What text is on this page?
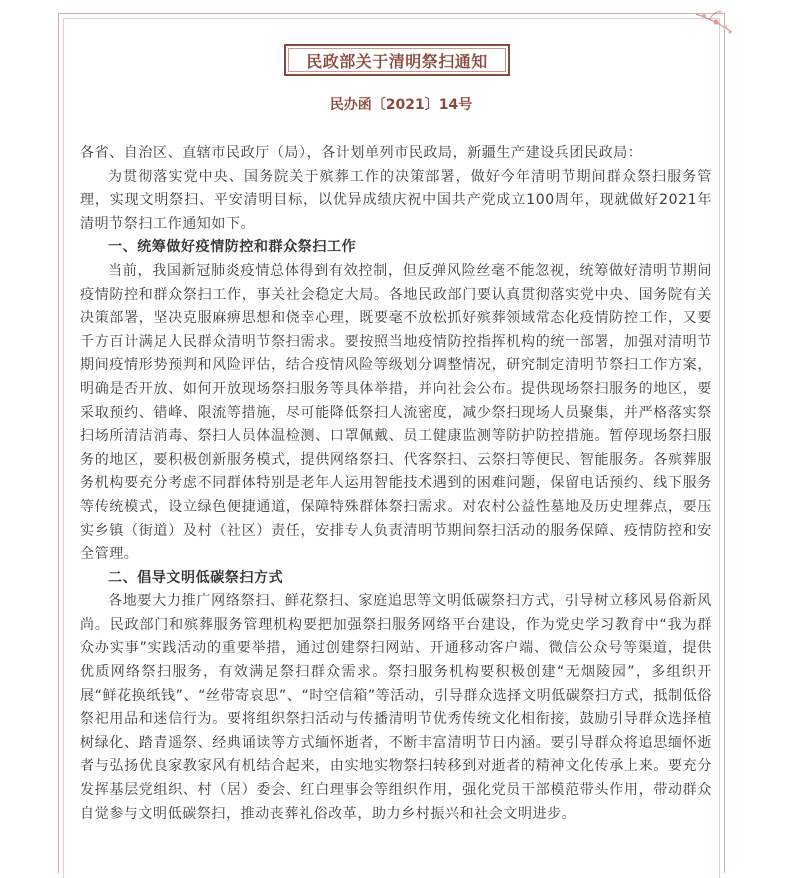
民政部关于清明祭扫通知
民办函〔2021〕14号

各省、自治区、直辖市民政厅（局），各计划单列市民政局，新疆生产建设兵团民政局：

为贯彻落实党中央、国务院关于殡葬工作的决策部署，做好今年清明节期间群众祭扫服务管理，实现文明祭扫、平安清明目标，以优异成绩庆祝中国共产党成立100周年，现就做好2021年清明节祭扫工作通知如下。

一、统筹做好疫情防控和群众祭扫工作

当前，我国新冠肺炎疫情总体得到有效控制，但反弹风险丝毫不能忽视，统筹做好清明节期间疫情防控和群众祭扫工作，事关社会稳定大局。各地民政部门要认真贯彻落实党中央、国务院有关决策部署，坚决克服麻痹思想和侥幸心理，既要毫不放松抓好殡葬领域常态化疫情防控工作，又要千方百计满足人民群众清明节祭扫需求。要按照当地疫情防控指挥机构的统一部署，加强对清明节期间疫情形势预判和风险评估，结合疫情风险等级划分调整情况，研究制定清明节祭扫工作方案，明确是否开放、如何开放现场祭扫服务等具体举措，并向社会公布。提供现场祭扫服务的地区，要采取预约、错峰、限流等措施，尽可能降低祭扫人流密度，减少祭扫现场人员聚集，并严格落实祭扫场所清洁消毒、祭扫人员体温检测、口罩佩戴、员工健康监测等防护防控措施。暂停现场祭扫服务的地区，要积极创新服务模式，提供网络祭扫、代客祭扫、云祭扫等便民、智能服务。各殡葬服务机构要充分考虑不同群体特别是老年人运用智能技术遇到的困难问题，保留电话预约、线下服务等传统模式，设立绿色便捷通道，保障特殊群体祭扫需求。对农村公益性墓地及历史埋葬点，要压实乡镇（街道）及村（社区）责任，安排专人负责清明节期间祭扫活动的服务保障、疫情防控和安全管理。

二、倡导文明低碳祭扫方式

各地要大力推广网络祭扫、鲜花祭扫、家庭追思等文明低碳祭扫方式，引导树立移风易俗新风尚。民政部门和殡葬服务管理机构要把加强祭扫服务网络平台建设，作为党史学习教育中“我为群众办实事”实践活动的重要举措，通过创建祭扫网站、开通移动客户端、微信公众号等渠道，提供优质网络祭扫服务，有效满足祭扫群众需求。祭扫服务机构要积极创建“无烟陵园”，多组织开展“鲜花换纸钱”、“丝带寄哀思”、“时空信箱”等活动，引导群众选择文明低碳祭扫方式，抵制低俗祭祀用品和迷信行为。要将组织祭扫活动与传播清明节优秀传统文化相衔接，鼓励引导群众选择植树绿化、踏青遥祭、经典诵读等方式缅怀逝者，不断丰富清明节日内涵。要引导群众将追思缅怀逝者与弘扬优良家教家风有机结合起来，由实地实物祭扫转移到对逝者的精神文化传承上来。要充分发挥基层党组织、村（居）委会、红白理事会等组织作用，强化党员干部模范带头作用，带动群众自觉参与文明低碳祭扫，推动丧葬礼俗改革，助力乡村振兴和社会文明进步。
